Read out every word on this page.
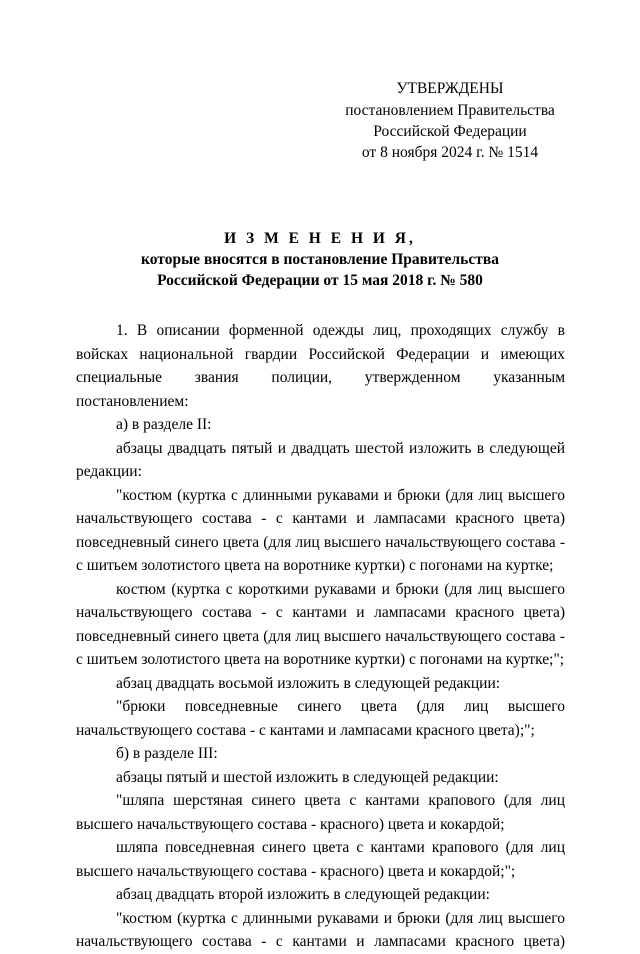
УТВЕРЖДЕНЫ
постановлением Правительства
Российской Федерации
от 8 ноября 2024 г. № 1514
И З М Е Н Е Н И Я,
которые вносятся в постановление Правительства
Российской Федерации от 15 мая 2018 г. № 580

1. В описании форменной одежды лиц, проходящих службу в войсках национальной гвардии Российской Федерации и имеющих специальные звания полиции, утвержденном указанным постановлением:

а) в разделе II:

абзацы двадцать пятый и двадцать шестой изложить в следующей редакции:

"костюм (куртка с длинными рукавами и брюки (для лиц высшего начальствующего состава - с кантами и лампасами красного цвета) повседневный синего цвета (для лиц высшего начальствующего состава - с шитьем золотистого цвета на воротнике куртки) с погонами на куртке;

костюм (куртка с короткими рукавами и брюки (для лиц высшего начальствующего состава - с кантами и лампасами красного цвета) повседневный синего цвета (для лиц высшего начальствующего состава - с шитьем золотистого цвета на воротнике куртки) с погонами на куртке;";

абзац двадцать восьмой изложить в следующей редакции:

"брюки повседневные синего цвета (для лиц высшего начальствующего состава - с кантами и лампасами красного цвета);";

б) в разделе III:

абзацы пятый и шестой изложить в следующей редакции:

"шляпа шерстяная синего цвета с кантами крапового (для лиц высшего начальствующего состава - красного) цвета и кокардой;

шляпа повседневная синего цвета с кантами крапового (для лиц высшего начальствующего состава - красного) цвета и кокардой;";

абзац двадцать второй изложить в следующей редакции:

"костюм (куртка с длинными рукавами и брюки (для лиц высшего начальствующего состава - с кантами и лампасами красного цвета)
